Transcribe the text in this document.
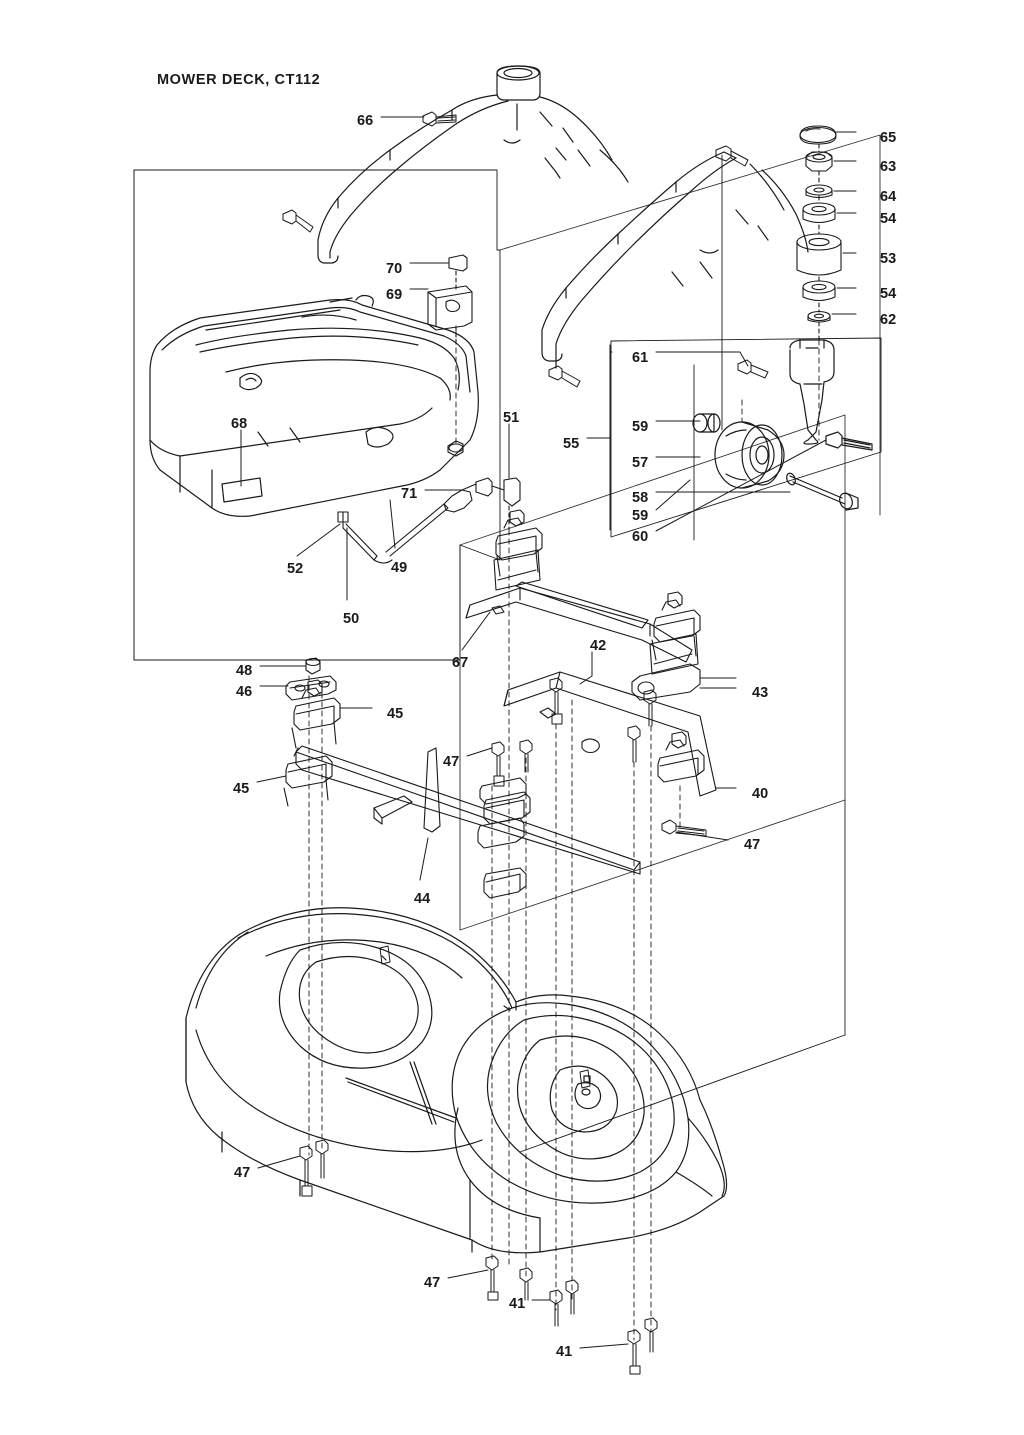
MOWER DECK, CT112
66
65
63
64
54
53
54
62
70
69
61
59
55
57
58
59
60
68	51
71
52	49
50
67
42
43
48
46
45
45
47
40
47
44
47
47
41
41
